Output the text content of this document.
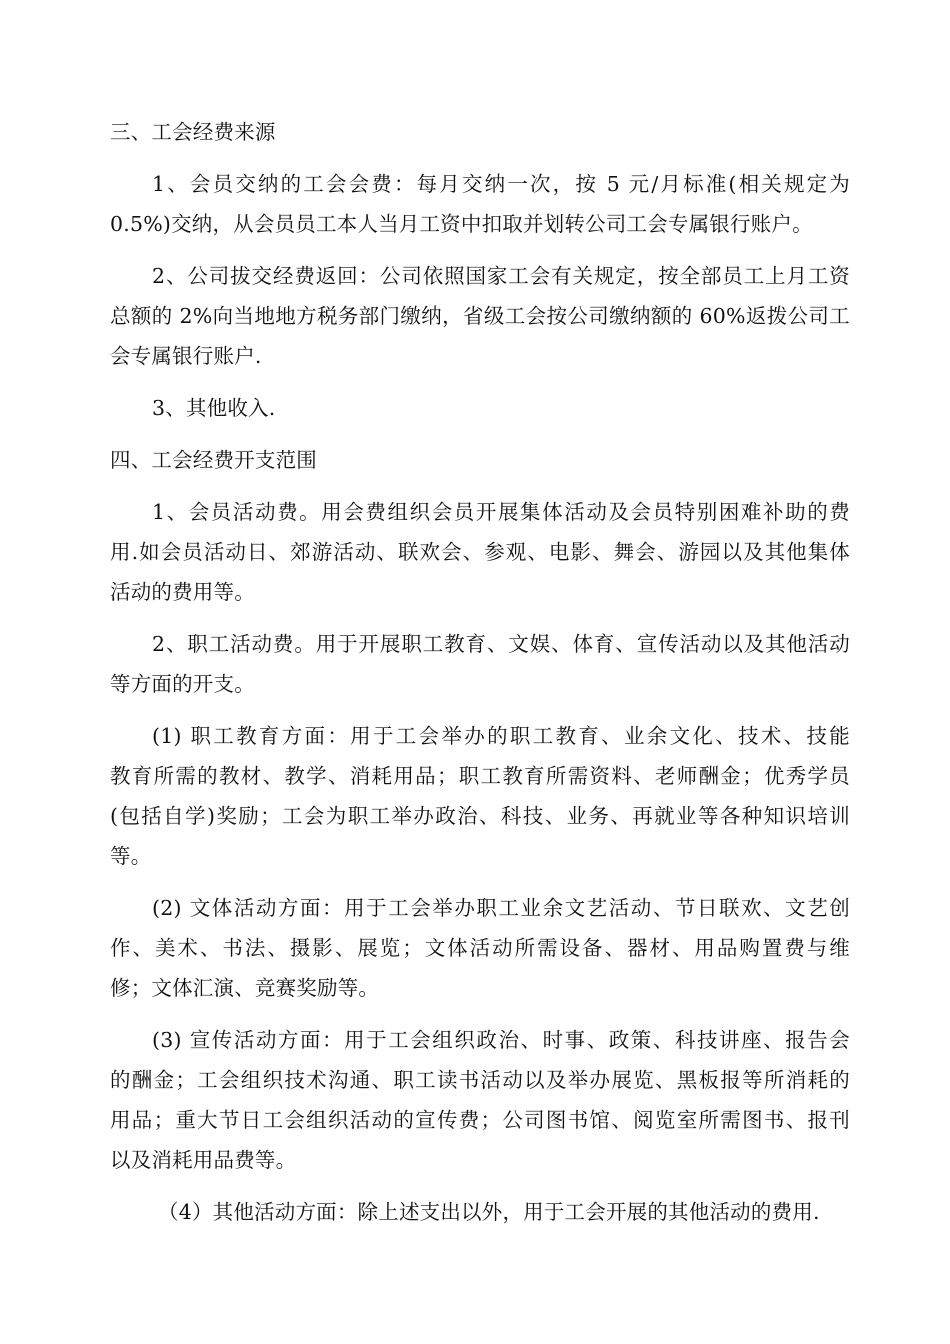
三、工会经费来源
1、会员交纳的工会会费：每月交纳一次，按 5 元/月标准(相关规定为
0.5%)交纳，从会员员工本人当月工资中扣取并划转公司工会专属银行账户。
2、公司拔交经费返回：公司依照国家工会有关规定，按全部员工上月工资
总额的 2%向当地地方税务部门缴纳，省级工会按公司缴纳额的 60%返拨公司工
会专属银行账户.
3、其他收入.
四、工会经费开支范围
1、会员活动费。用会费组织会员开展集体活动及会员特别困难补助的费
用.如会员活动日、郊游活动、联欢会、参观、电影、舞会、游园以及其他集体
活动的费用等。
2、职工活动费。用于开展职工教育、文娱、体育、宣传活动以及其他活动
等方面的开支。
(1) 职工教育方面：用于工会举办的职工教育、业余文化、技术、技能
教育所需的教材、教学、消耗用品；职工教育所需资料、老师酬金；优秀学员
(包括自学)奖励；工会为职工举办政治、科技、业务、再就业等各种知识培训
等。
(2) 文体活动方面：用于工会举办职工业余文艺活动、节日联欢、文艺创
作、美术、书法、摄影、展览；文体活动所需设备、器材、用品购置费与维
修；文体汇演、竞赛奖励等。
(3) 宣传活动方面：用于工会组织政治、时事、政策、科技讲座、报告会
的酬金；工会组织技术沟通、职工读书活动以及举办展览、黑板报等所消耗的
用品；重大节日工会组织活动的宣传费；公司图书馆、阅览室所需图书、报刊
以及消耗用品费等。
（4）其他活动方面：除上述支出以外，用于工会开展的其他活动的费用.
